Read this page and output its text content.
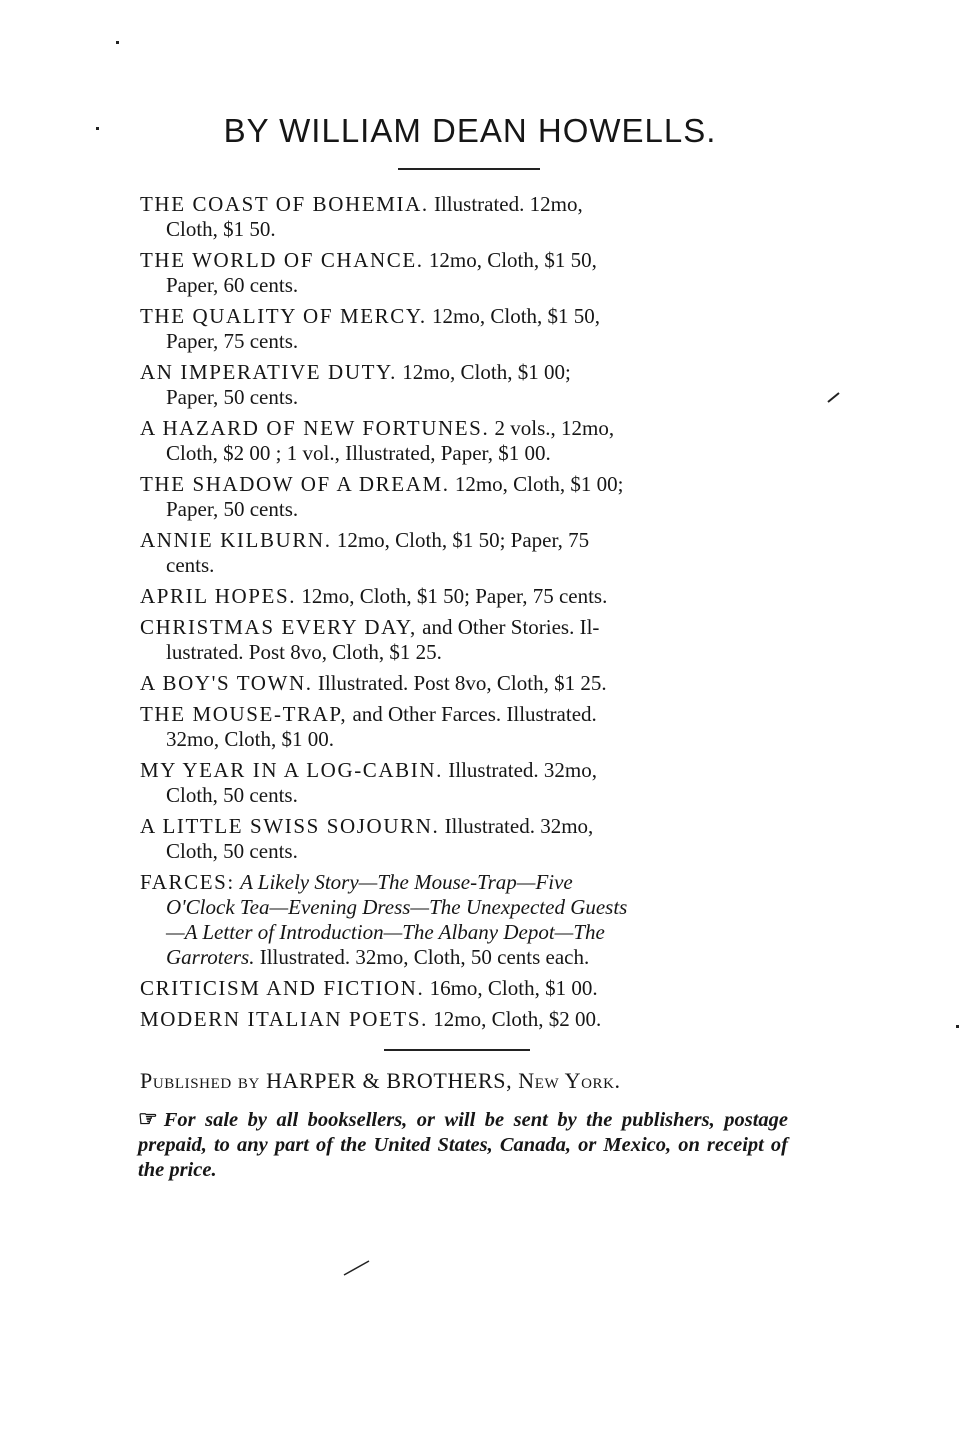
BY WILLIAM DEAN HOWELLS.
THE COAST OF BOHEMIA. Illustrated. 12mo,
Cloth, $1 50.
THE WORLD OF CHANCE. 12mo, Cloth, $1 50,
Paper, 60 cents.
THE QUALITY OF MERCY. 12mo, Cloth, $1 50,
Paper, 75 cents.
AN IMPERATIVE DUTY. 12mo, Cloth, $1 00;
Paper, 50 cents.
A HAZARD OF NEW FORTUNES. 2 vols., 12mo,
Cloth, $2 00 ; 1 vol., Illustrated, Paper, $1 00.
THE SHADOW OF A DREAM. 12mo, Cloth, $1 00;
Paper, 50 cents.
ANNIE KILBURN. 12mo, Cloth, $1 50; Paper, 75
cents.
APRIL HOPES. 12mo, Cloth, $1 50; Paper, 75 cents.
CHRISTMAS EVERY DAY, and Other Stories. Il-
lustrated. Post 8vo, Cloth, $1 25.
A BOY'S TOWN. Illustrated. Post 8vo, Cloth, $1 25.
THE MOUSE-TRAP, and Other Farces. Illustrated.
32mo, Cloth, $1 00.
MY YEAR IN A LOG-CABIN. Illustrated. 32mo,
Cloth, 50 cents.
A LITTLE SWISS SOJOURN. Illustrated. 32mo,
Cloth, 50 cents.
FARCES: A Likely Story—The Mouse-Trap—Five
O'Clock Tea—Evening Dress—The Unexpected Guests
—A Letter of Introduction—The Albany Depot—The
Garroters. Illustrated. 32mo, Cloth, 50 cents each.
CRITICISM AND FICTION. 16mo, Cloth, $1 00.
MODERN ITALIAN POETS. 12mo, Cloth, $2 00.
Published by HARPER & BROTHERS, New York.
☞ For sale by all booksellers, or will be sent by the publishers, postage prepaid, to any part of the United States, Canada, or Mexico, on receipt of the price.
